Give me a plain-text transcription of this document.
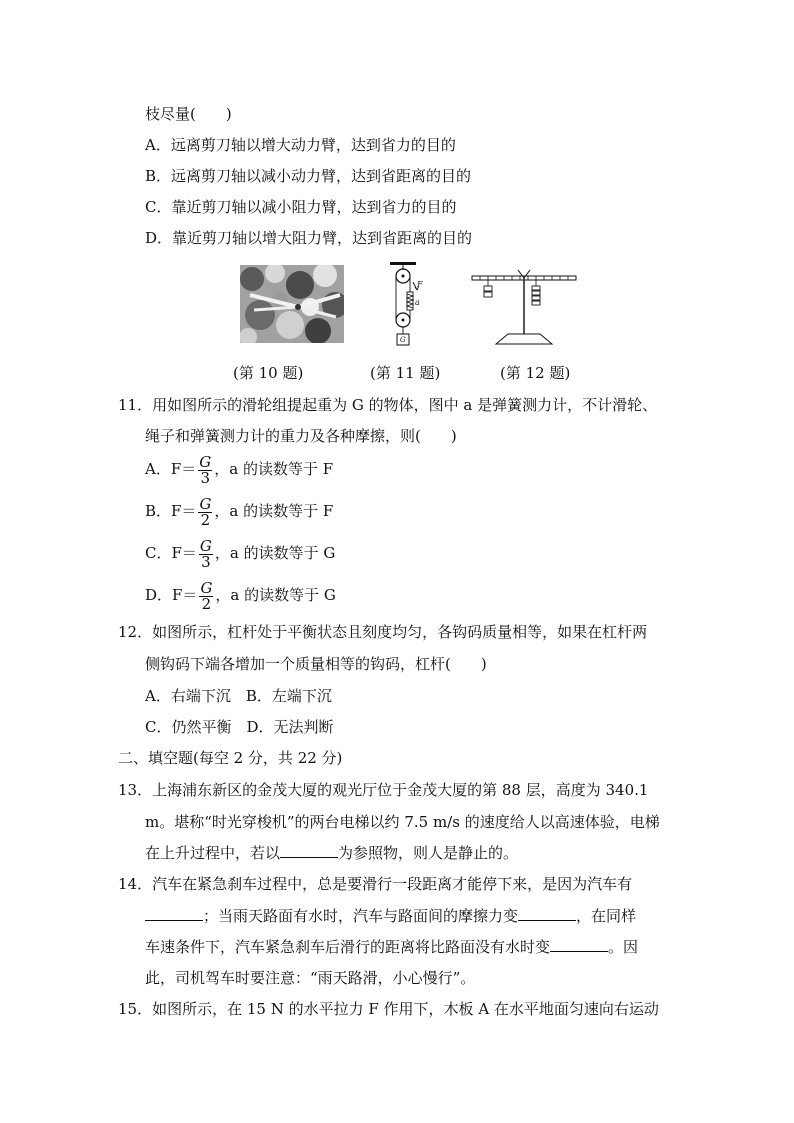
枝尽量(　　)
A．远离剪刀轴以增大动力臂，达到省力的目的
B．远离剪刀轴以减小动力臂，达到省距离的目的
C．靠近剪刀轴以减小阻力臂，达到省力的目的
D．靠近剪刀轴以增大阻力臂，达到省距离的目的
F
a
G
(第 10 题)	(第 11 题)	(第 12 题)
11．用如图所示的滑轮组提起重为 G 的物体，图中 a 是弹簧测力计，不计滑轮、
绳子和弹簧测力计的重力及各种摩擦，则(　　)
A．$F= \frac{G}{3}$ ，a 的读数等于 F
B．$F= \frac{G}{2}$ ，a 的读数等于 F
C．$F= \frac{G}{3}$ ，a 的读数等于 G
D．$F= \frac{G}{2}$ ，a 的读数等于 G
12．如图所示，杠杆处于平衡状态且刻度均匀，各钩码质量相等，如果在杠杆两
侧钩码下端各增加一个质量相等的钩码，杠杆(　　)
A．右端下沉　B．左端下沉
C．仍然平衡　D．无法判断
二、填空题(每空 2 分，共 22 分)
13．上海浦东新区的金茂大厦的观光厅位于金茂大厦的第 88 层，高度为 340.1
m。堪称“时光穿梭机”的两台电梯以约 7.5 m/s 的速度给人以高速体验，电梯
在上升过程中，若以	为参照物，则人是静止的。
14．汽车在紧急刹车过程中，总是要滑行一段距离才能停下来，是因为汽车有
；当雨天路面有水时，汽车与路面间的摩擦力变	，在同样
车速条件下，汽车紧急刹车后滑行的距离将比路面没有水时变	。因
此，司机驾车时要注意：“雨天路滑，小心慢行”。
15．如图所示，在 15 N 的水平拉力 F 作用下，木板 A 在水平地面匀速向右运动
